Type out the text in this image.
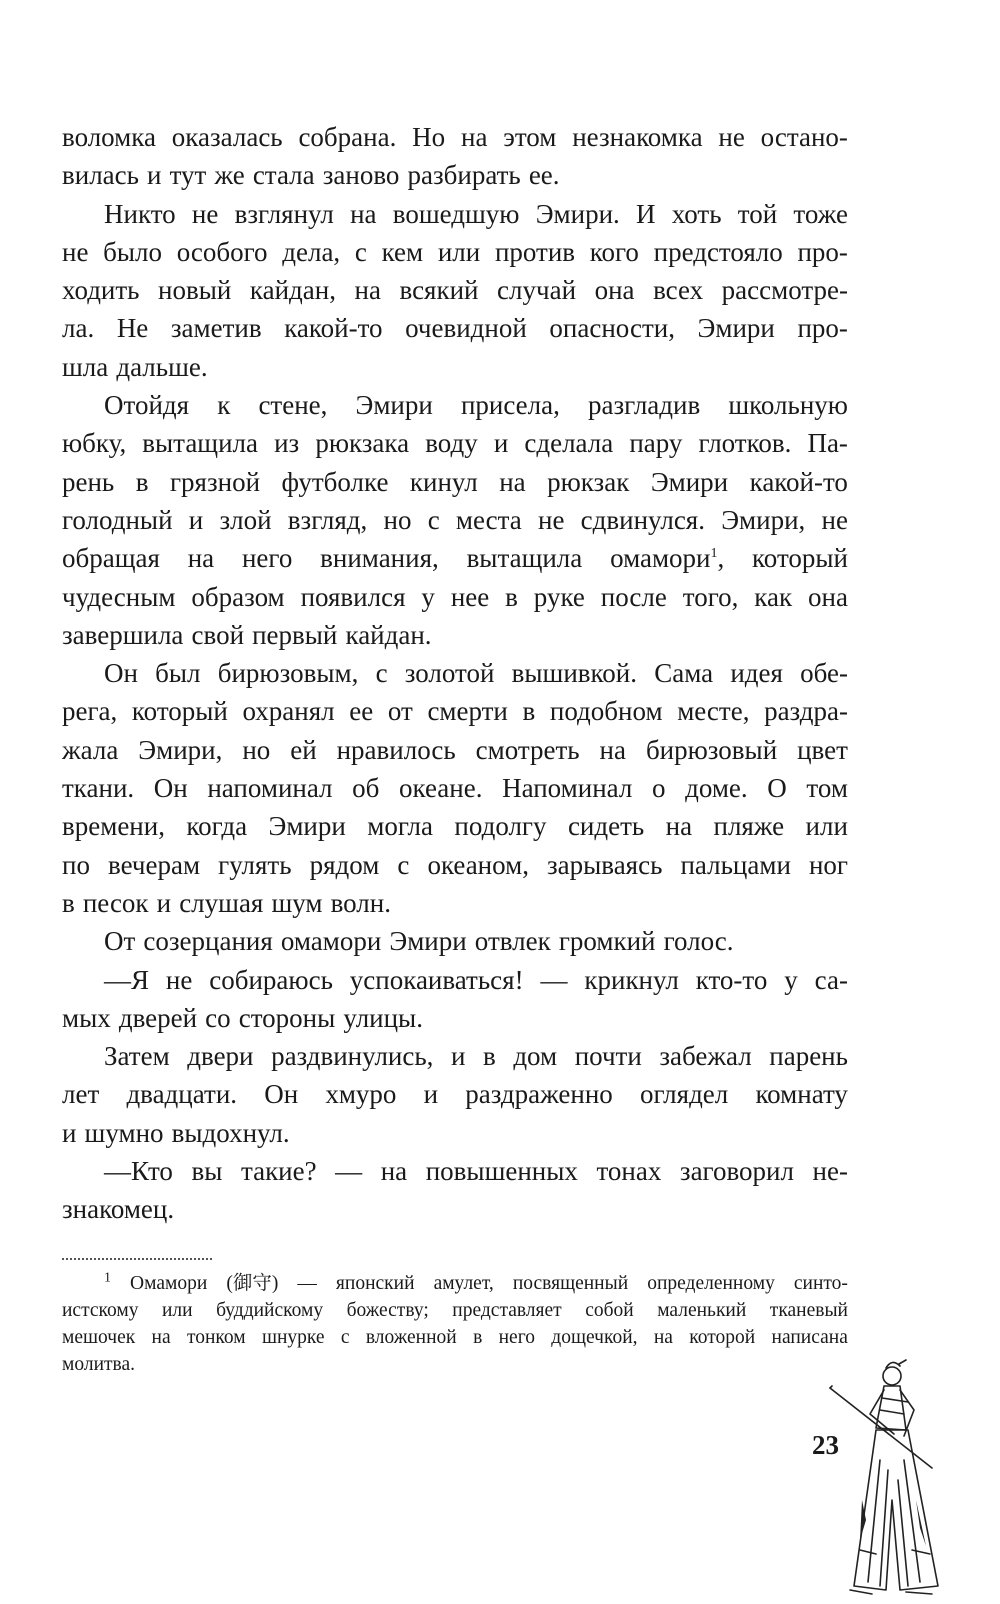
воломка оказалась собрана. Но на этом незнакомка не остано-
вилась и тут же стала заново разбирать ее.
Никто не взглянул на вошедшую Эмири. И хоть той тоже
не было особого дела, с кем или против кого предстояло про-
ходить новый кайдан, на всякий случай она всех рассмотре-
ла. Не заметив какой-то очевидной опасности, Эмири про-
шла дальше.
Отойдя к стене, Эмири присела, разгладив школьную
юбку, вытащила из рюкзака воду и сделала пару глотков. Па-
рень в грязной футболке кинул на рюкзак Эмири какой-то
голодный и злой взгляд, но с места не сдвинулся. Эмири, не
обращая на него внимания, вытащила омамори$^1$, который
чудесным образом появился у нее в руке после того, как она
завершила свой первый кайдан.
Он был бирюзовым, с золотой вышивкой. Сама идея обе-
рега, который охранял ее от смерти в подобном месте, раздра-
жала Эмири, но ей нравилось смотреть на бирюзовый цвет
ткани. Он напоминал об океане. Напоминал о доме. О том
времени, когда Эмири могла подолгу сидеть на пляже или
по вечерам гулять рядом с океаном, зарываясь пальцами ног
в песок и слушая шум волн.
От созерцания омамори Эмири отвлек громкий голос.
—Я не собираюсь успокаиваться! — крикнул кто-то у са-
мых дверей со стороны улицы.
Затем двери раздвинулись, и в дом почти забежал парень
лет двадцати. Он хмуро и раздраженно оглядел комнату
и шумно выдохнул.
—Кто вы такие? — на повышенных тонах заговорил не-
знакомец.
$^1$ Омамори (御守) — японский амулет, посвященный определенному синто-
истскому или буддийскому божеству; представляет собой маленький тканевый
мешочек на тонком шнурке с вложенной в него дощечкой, на которой написана
молитва.
23
